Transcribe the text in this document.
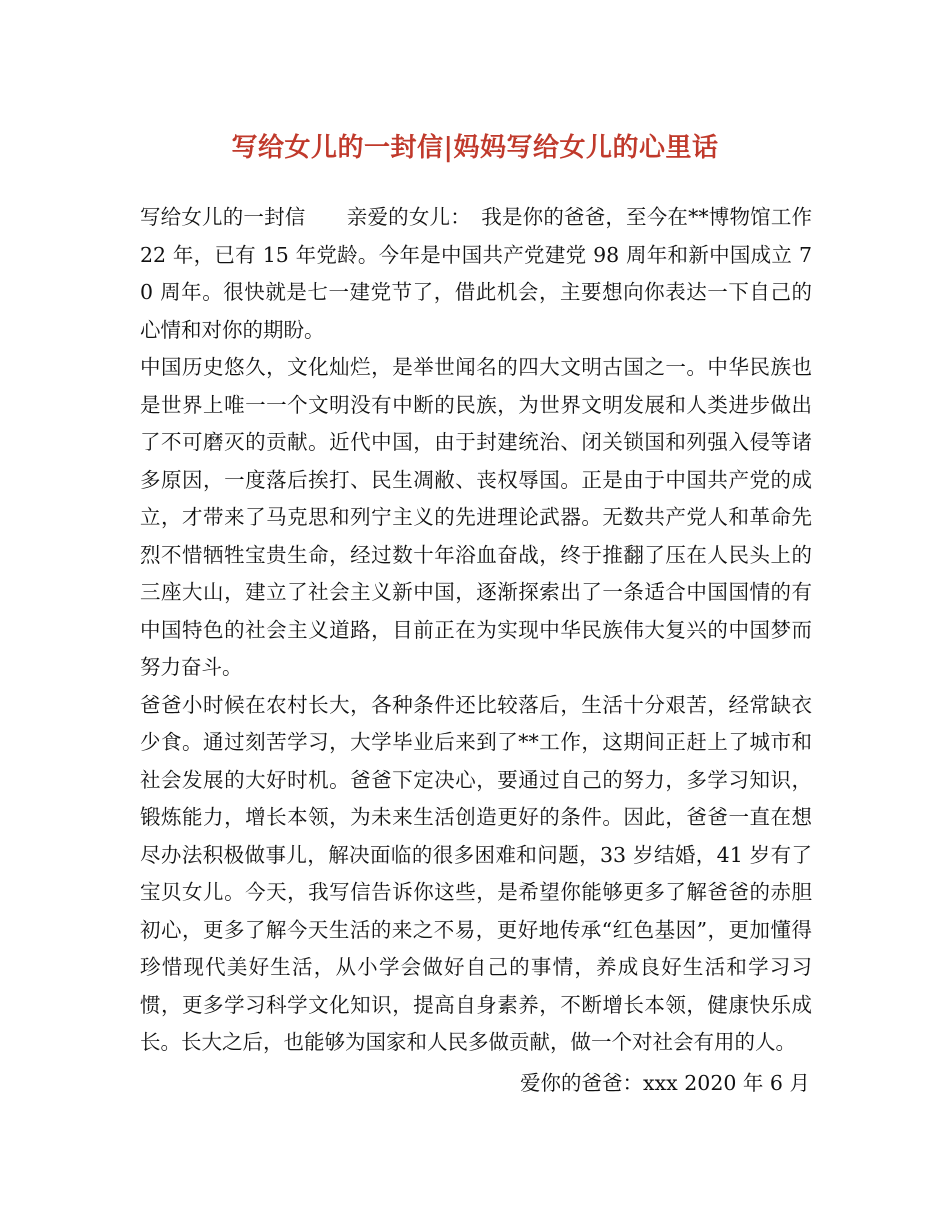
写给女儿的一封信|妈妈写给女儿的心里话

写给女儿的一封信　　亲爱的女儿：　我是你的爸爸，至今在**博物馆工作 22 年，已有 15 年党龄。今年是中国共产党建党 98 周年和新中国成立 70 周年。很快就是七一建党节了，借此机会，主要想向你表达一下自己的心情和对你的期盼。

中国历史悠久，文化灿烂，是举世闻名的四大文明古国之一。中华民族也是世界上唯一一个文明没有中断的民族，为世界文明发展和人类进步做出了不可磨灭的贡献。近代中国，由于封建统治、闭关锁国和列强入侵等诸多原因，一度落后挨打、民生凋敝、丧权辱国。正是由于中国共产党的成立，才带来了马克思和列宁主义的先进理论武器。无数共产党人和革命先烈不惜牺牲宝贵生命，经过数十年浴血奋战，终于推翻了压在人民头上的三座大山，建立了社会主义新中国，逐渐探索出了一条适合中国国情的有中国特色的社会主义道路，目前正在为实现中华民族伟大复兴的中国梦而努力奋斗。

爸爸小时候在农村长大，各种条件还比较落后，生活十分艰苦，经常缺衣少食。通过刻苦学习，大学毕业后来到了**工作，这期间正赶上了城市和社会发展的大好时机。爸爸下定决心，要通过自己的努力，多学习知识，锻炼能力，增长本领，为未来生活创造更好的条件。因此，爸爸一直在想尽办法积极做事儿，解决面临的很多困难和问题，33 岁结婚，41 岁有了宝贝女儿。今天，我写信告诉你这些，是希望你能够更多了解爸爸的赤胆初心，更多了解今天生活的来之不易，更好地传承“红色基因”，更加懂得珍惜现代美好生活，从小学会做好自己的事情，养成良好生活和学习习惯，更多学习科学文化知识，提高自身素养，不断增长本领，健康快乐成长。长大之后，也能够为国家和人民多做贡献，做一个对社会有用的人。

爱你的爸爸：xxx 2020 年 6 月
